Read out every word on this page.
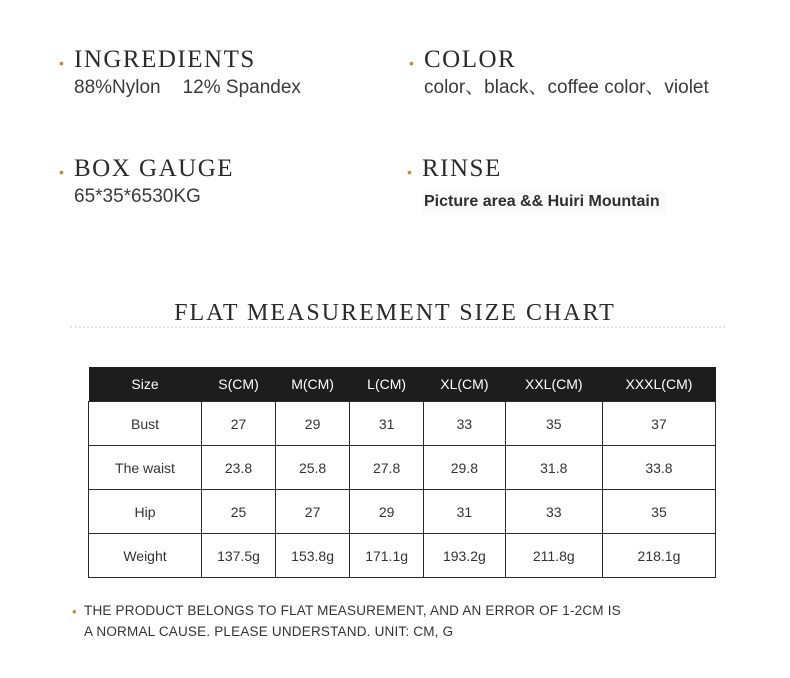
• INGREDIENTS
88%Nylon 12% Spandex
• COLOR
color、black、coffee color、violet
• BOX GAUGE
65*35*6530KG
• RINSE
Picture area && Huiri Mountain
FLAT MEASUREMENT SIZE CHART
Size	S(CM)	M(CM)	L(CM)	XL(CM)	XXL(CM)	XXXL(CM)
Bust	27	29	31	33	35	37
The waist	23.8	25.8	27.8	29.8	31.8	33.8
Hip	25	27	29	31	33	35
Weight	137.5g	153.8g	171.1g	193.2g	211.8g	218.1g
• THE PRODUCT BELONGS TO FLAT MEASUREMENT, AND AN ERROR OF 1-2CM IS
A NORMAL CAUSE. PLEASE UNDERSTAND. UNIT: CM, G
